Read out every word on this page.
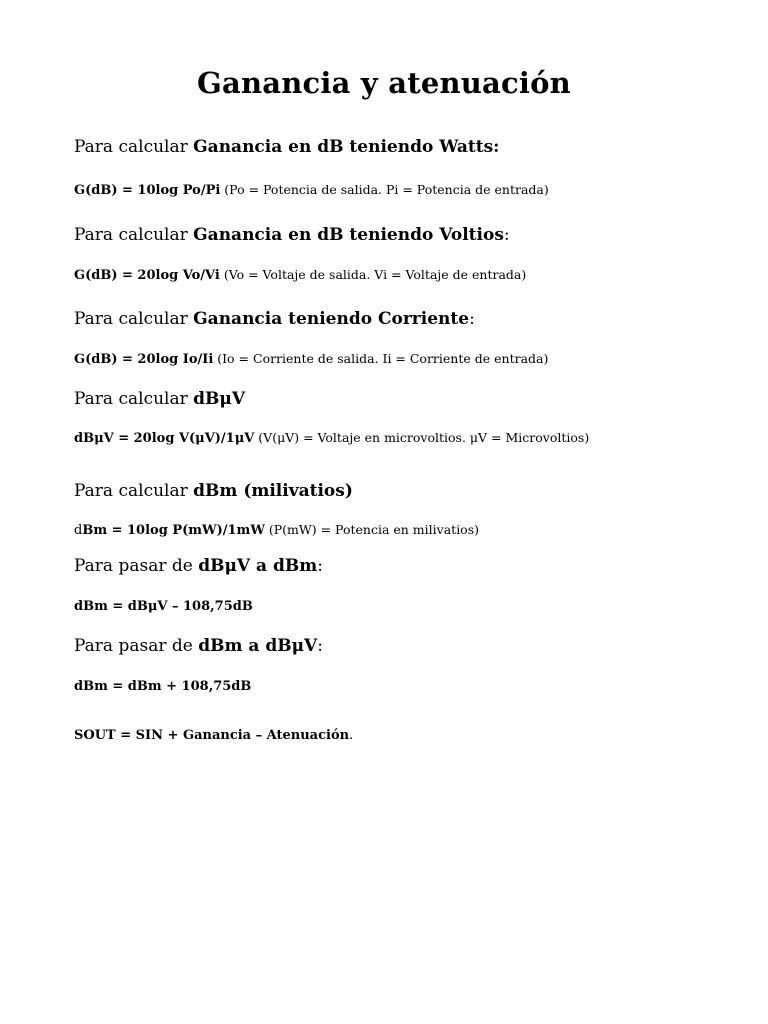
Ganancia y atenuación

Para calcular Ganancia en dB teniendo Watts:

G(dB) = 10log Po/Pi (Po = Potencia de salida. Pi = Potencia de entrada)

Para calcular Ganancia en dB teniendo Voltios:

G(dB) = 20log Vo/Vi (Vo = Voltaje de salida. Vi = Voltaje de entrada)

Para calcular Ganancia teniendo Corriente:

G(dB) = 20log Io/Ii (Io = Corriente de salida. Ii = Corriente de entrada)

Para calcular dBμV

dBμV = 20log V(μV)/1μV (V(μV) = Voltaje en microvoltios. μV = Microvoltios)

Para calcular dBm (milivatios)

dBm = 10log P(mW)/1mW (P(mW) = Potencia en milivatios)

Para pasar de dBμV a dBm:

dBm = dBμV – 108,75dB

Para pasar de dBm a dBμV:

dBm = dBm + 108,75dB

SOUT = SIN + Ganancia – Atenuación.
